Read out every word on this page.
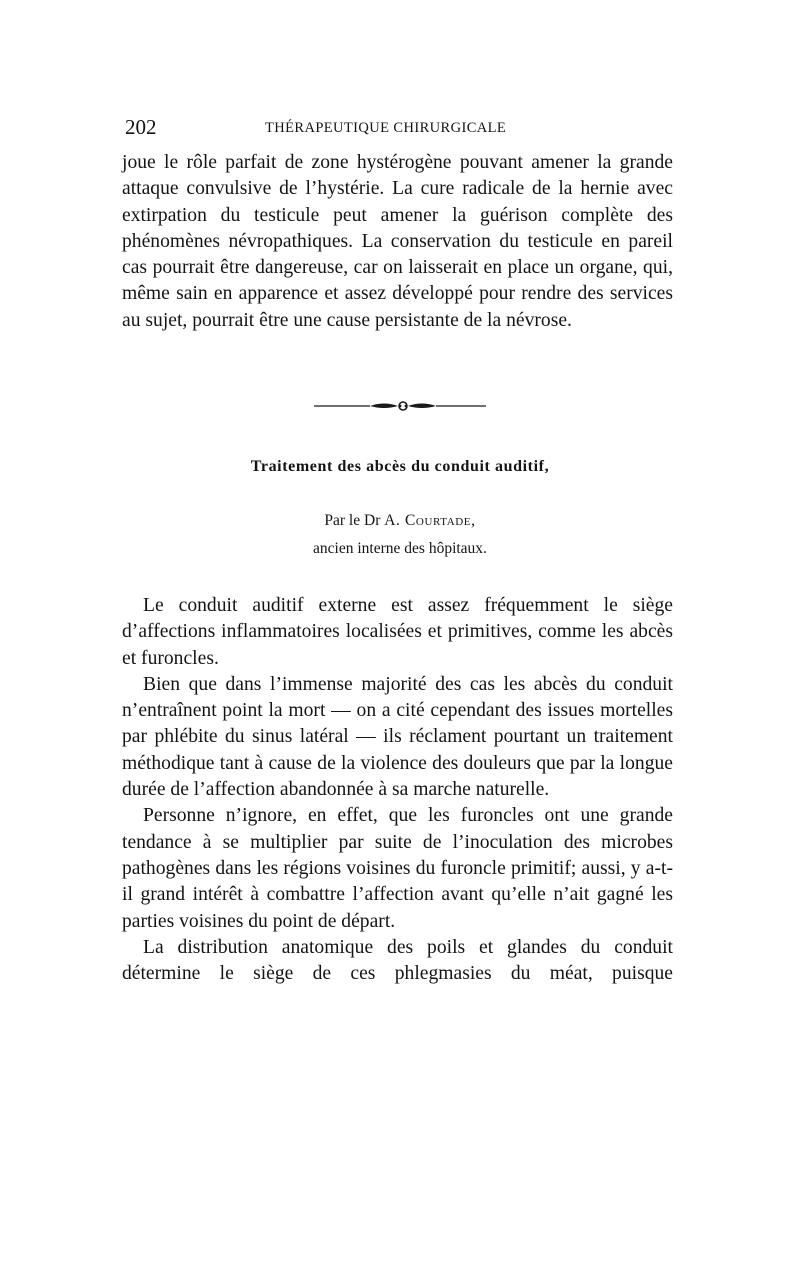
202	THÉRAPEUTIQUE CHIRURGICALE

joue le rôle parfait de zone hystérogène pouvant amener la grande attaque convulsive de l’hystérie. La cure radicale de la hernie avec extirpation du testicule peut amener la guérison complète des phénomènes névropathiques. La conservation du testicule en pareil cas pourrait être dangereuse, car on laisserait en place un organe, qui, même sain en apparence et assez développé pour rendre des services au sujet, pourrait être une cause persistante de la névrose.

Traitement des abcès du conduit auditif,

Par le Dr A. Courtade,

ancien interne des hôpitaux.

Le conduit auditif externe est assez fréquemment le siège d’affections inflammatoires localisées et primitives, comme les abcès et furoncles.

Bien que dans l’immense majorité des cas les abcès du conduit n’entraînent point la mort — on a cité cependant des issues mortelles par phlébite du sinus latéral — ils réclament pourtant un traitement méthodique tant à cause de la violence des douleurs que par la longue durée de l’affection abandonnée à sa marche naturelle.

Personne n’ignore, en effet, que les furoncles ont une grande tendance à se multiplier par suite de l’inoculation des microbes pathogènes dans les régions voisines du furoncle primitif; aussi, y a-t-il grand intérêt à combattre l’affection avant qu’elle n’ait gagné les parties voisines du point de départ.

La distribution anatomique des poils et glandes du conduit détermine le siège de ces phlegmasies du méat, puisque
